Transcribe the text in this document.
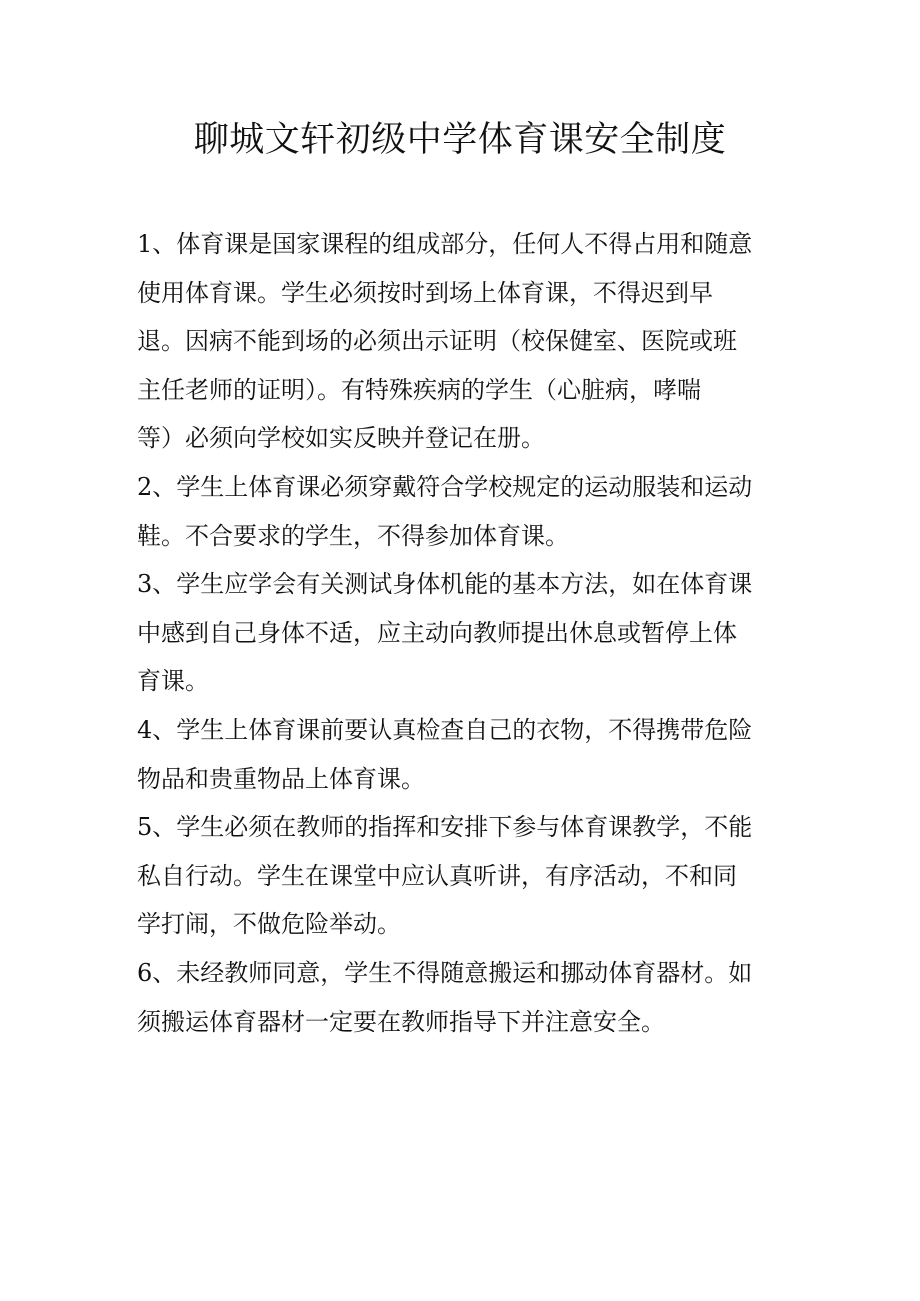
聊城文轩初级中学体育课安全制度

1、体育课是国家课程的组成部分，任何人不得占用和随意
使用体育课。学生必须按时到场上体育课，不得迟到早
退。因病不能到场的必须出示证明（校保健室、医院或班
主任老师的证明）。有特殊疾病的学生（心脏病，哮喘
等）必须向学校如实反映并登记在册。

2、学生上体育课必须穿戴符合学校规定的运动服装和运动
鞋。不合要求的学生，不得参加体育课。

3、学生应学会有关测试身体机能的基本方法，如在体育课
中感到自己身体不适，应主动向教师提出休息或暂停上体
育课。

4、学生上体育课前要认真检查自己的衣物，不得携带危险
物品和贵重物品上体育课。

5、学生必须在教师的指挥和安排下参与体育课教学，不能
私自行动。学生在课堂中应认真听讲，有序活动，不和同
学打闹，不做危险举动。

6、未经教师同意，学生不得随意搬运和挪动体育器材。如
须搬运体育器材一定要在教师指导下并注意安全。
